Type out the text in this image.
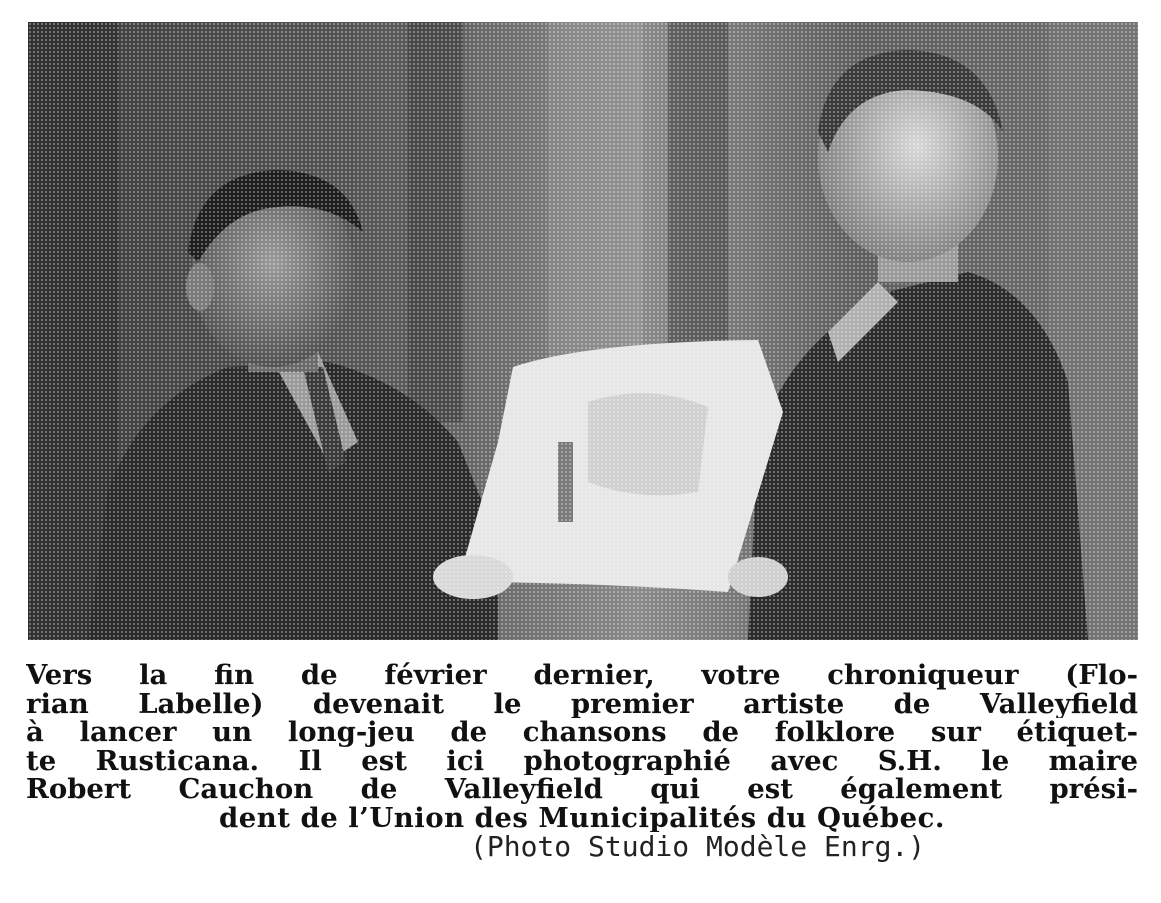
Vers la fin de février dernier, votre chroniqueur (Flo-
rian Labelle) devenait le premier artiste de Valleyfield
à lancer un long-jeu de chansons de folklore sur étiquet-
te Rusticana. Il est ici photographié avec S.H. le maire
Robert Cauchon de Valleyfield qui est également prési-
dent de l’Union des Municipalités du Québec.
(Photo Studio Modèle Enrg.)
